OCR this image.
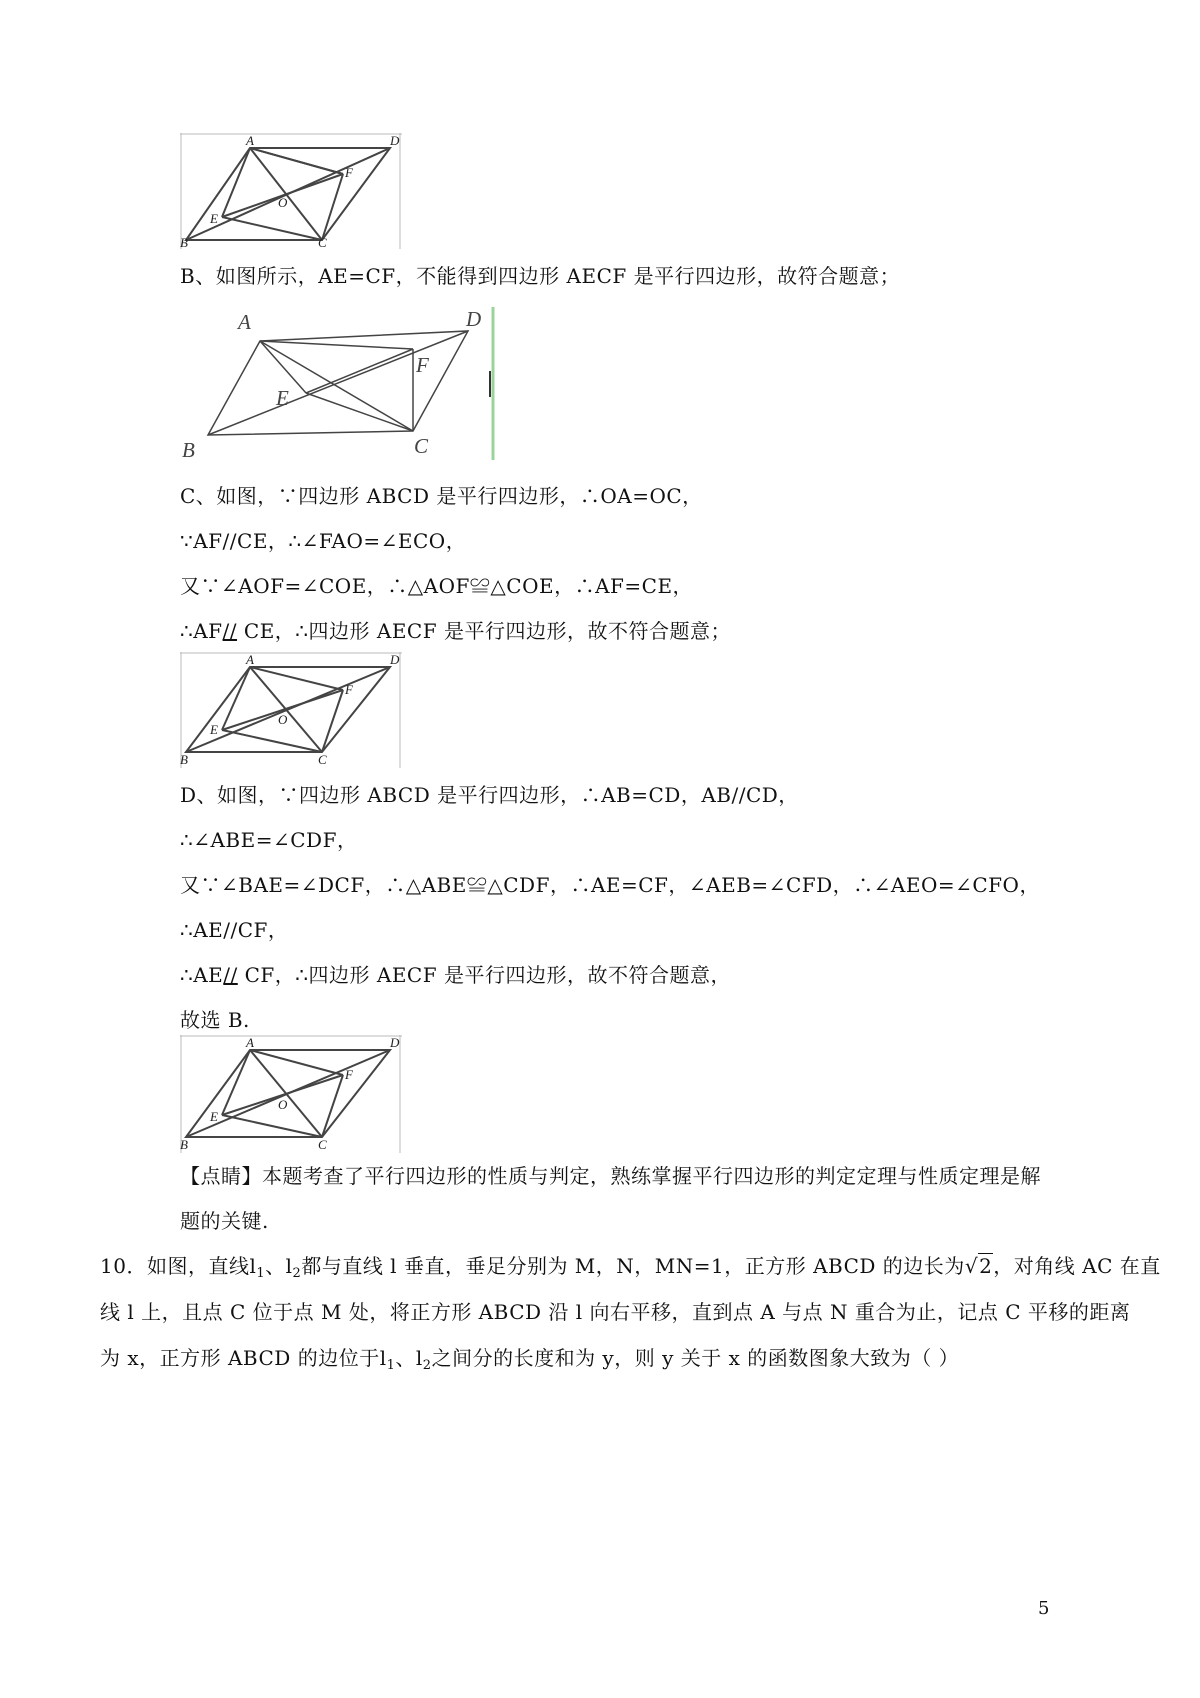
A	D
F
O
E
B	C
B、如图所示，AE=CF，不能得到四边形 AECF 是平行四边形，故符合题意；
A	D
F
E
B	C
C、如图，∵四边形 ABCD 是平行四边形，∴OA=OC，
∵AF//CE，∴∠FAO=∠ECO，
又∵∠AOF=∠COE，∴△AOF≌△COE，∴AF=CE，
∴AF// CE，∴四边形 AECF 是平行四边形，故不符合题意；
A	D
F
O
E
B	C
D、如图，∵四边形 ABCD 是平行四边形，∴AB=CD，AB//CD，
∴∠ABE=∠CDF，
又∵∠BAE=∠DCF，∴△ABE≌△CDF，∴AE=CF，∠AEB=∠CFD，∴∠AEO=∠CFO，
∴AE//CF，
∴AE// CF，∴四边形 AECF 是平行四边形，故不符合题意，
故选 B.
A	D
F
O
E
B	C
【点睛】本题考查了平行四边形的性质与判定，熟练掌握平行四边形的判定定理与性质定理是解
题的关键.
10．如图，直线$l_1$、$l_2$都与直线 l 垂直，垂足分别为 M，N，MN=1，正方形 ABCD 的边长为√2，对角线 AC 在直
线 l 上，且点 C 位于点 M 处，将正方形 ABCD 沿 l 向右平移，直到点 A 与点 N 重合为止，记点 C 平移的距离
为 x，正方形 ABCD 的边位于$l_1$、$l_2$之间分的长度和为 y，则 y 关于 x 的函数图象大致为（ ）
5
